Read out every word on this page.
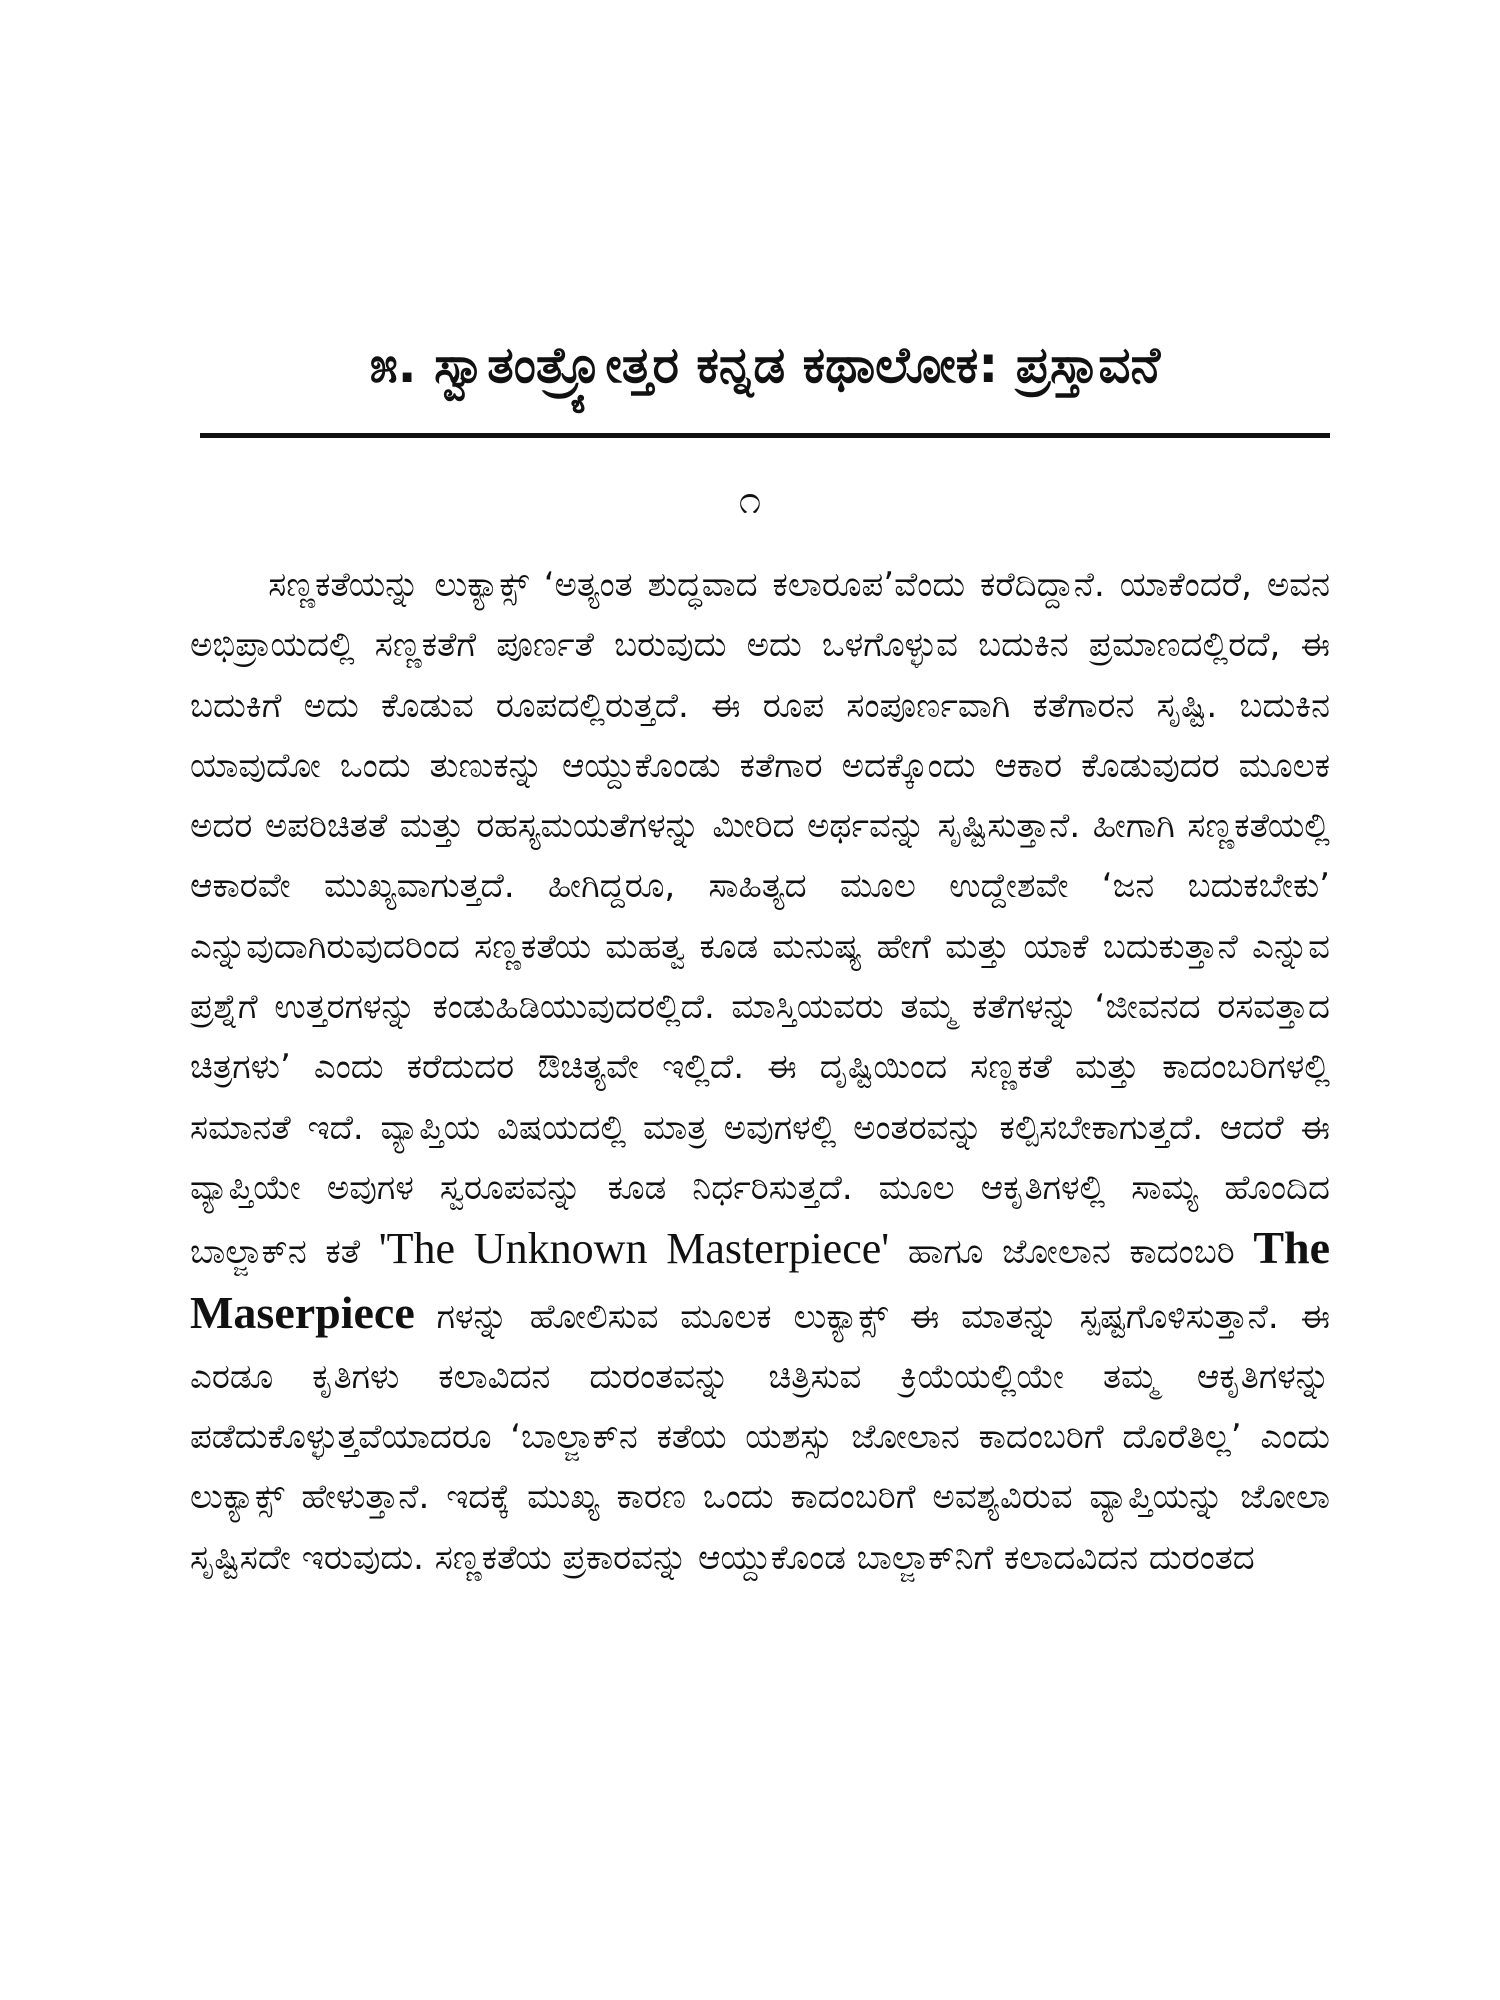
೫. ಸ್ವಾತಂತ್ರ್ಯೋತ್ತರ ಕನ್ನಡ ಕಥಾಲೋಕ: ಪ್ರಸ್ತಾವನೆ
೧

ಸಣ್ಣಕತೆಯನ್ನು ಲುಕ್ಯಾಕ್ಸ್ ‘ಅತ್ಯಂತ ಶುದ್ಧವಾದ ಕಲಾರೂಪ’ವೆಂದು ಕರೆದಿದ್ದಾನೆ. ಯಾಕೆಂದರೆ, ಅವನ ಅಭಿಪ್ರಾಯದಲ್ಲಿ ಸಣ್ಣಕತೆಗೆ ಪೂರ್ಣತೆ ಬರುವುದು ಅದು ಒಳಗೊಳ್ಳುವ ಬದುಕಿನ ಪ್ರಮಾಣದಲ್ಲಿರದೆ, ಈ ಬದುಕಿಗೆ ಅದು ಕೊಡುವ ರೂಪದಲ್ಲಿರುತ್ತದೆ. ಈ ರೂಪ ಸಂಪೂರ್ಣವಾಗಿ ಕತೆಗಾರನ ಸೃಷ್ಟಿ. ಬದುಕಿನ ಯಾವುದೋ ಒಂದು ತುಣುಕನ್ನು ಆಯ್ದುಕೊಂಡು ಕತೆಗಾರ ಅದಕ್ಕೊಂದು ಆಕಾರ ಕೊಡುವುದರ ಮೂಲಕ ಅದರ ಅಪರಿಚಿತತೆ ಮತ್ತು ರಹಸ್ಯಮಯತೆಗಳನ್ನು ಮೀರಿದ ಅರ್ಥವನ್ನು ಸೃಷ್ಟಿಸುತ್ತಾನೆ. ಹೀಗಾಗಿ ಸಣ್ಣಕತೆಯಲ್ಲಿ ಆಕಾರವೇ ಮುಖ್ಯವಾಗುತ್ತದೆ. ಹೀಗಿದ್ದರೂ, ಸಾಹಿತ್ಯದ ಮೂಲ ಉದ್ದೇಶವೇ ‘ಜನ ಬದುಕಬೇಕು’ ಎನ್ನುವುದಾಗಿರುವುದರಿಂದ ಸಣ್ಣಕತೆಯ ಮಹತ್ವ ಕೂಡ ಮನುಷ್ಯ ಹೇಗೆ ಮತ್ತು ಯಾಕೆ ಬದುಕುತ್ತಾನೆ ಎನ್ನುವ ಪ್ರಶ್ನೆಗೆ ಉತ್ತರಗಳನ್ನು ಕಂಡುಹಿಡಿಯುವುದರಲ್ಲಿದೆ. ಮಾಸ್ತಿಯವರು ತಮ್ಮ ಕತೆಗಳನ್ನು ‘ಜೀವನದ ರಸವತ್ತಾದ ಚಿತ್ರಗಳು’ ಎಂದು ಕರೆದುದರ ಔಚಿತ್ಯವೇ ಇಲ್ಲಿದೆ. ಈ ದೃಷ್ಟಿಯಿಂದ ಸಣ್ಣಕತೆ ಮತ್ತು ಕಾದಂಬರಿಗಳಲ್ಲಿ ಸಮಾನತೆ ಇದೆ. ವ್ಯಾಪ್ತಿಯ ವಿಷಯದಲ್ಲಿ ಮಾತ್ರ ಅವುಗಳಲ್ಲಿ ಅಂತರವನ್ನು ಕಲ್ಪಿಸಬೇಕಾಗುತ್ತದೆ. ಆದರೆ ಈ ವ್ಯಾಪ್ತಿಯೇ ಅವುಗಳ ಸ್ವರೂಪವನ್ನು ಕೂಡ ನಿರ್ಧರಿಸುತ್ತದೆ. ಮೂಲ ಆಕೃತಿಗಳಲ್ಲಿ ಸಾಮ್ಯ ಹೊಂದಿದ ಬಾಲ್ಜಾಕ್‌ನ ಕತೆ 'The Unknown Masterpiece' ಹಾಗೂ ಜೋಲಾನ ಕಾದಂಬರಿ The Maserpiece ಗಳನ್ನು ಹೋಲಿಸುವ ಮೂಲಕ ಲುಕ್ಯಾಕ್ಸ್ ಈ ಮಾತನ್ನು ಸ್ಪಷ್ಟಗೊಳಿಸುತ್ತಾನೆ. ಈ ಎರಡೂ ಕೃತಿಗಳು ಕಲಾವಿದನ ದುರಂತವನ್ನು ಚಿತ್ರಿಸುವ ಕ್ರಿಯೆಯಲ್ಲಿಯೇ ತಮ್ಮ ಆಕೃತಿಗಳನ್ನು ಪಡೆದುಕೊಳ್ಳುತ್ತವೆಯಾದರೂ ‘ಬಾಲ್ಜಾಕ್‌ನ ಕತೆಯ ಯಶಸ್ಸು ಜೋಲಾನ ಕಾದಂಬರಿಗೆ ದೊರೆತಿಲ್ಲ’ ಎಂದು ಲುಕ್ಯಾಕ್ಸ್ ಹೇಳುತ್ತಾನೆ. ಇದಕ್ಕೆ ಮುಖ್ಯ ಕಾರಣ ಒಂದು ಕಾದಂಬರಿಗೆ ಅವಶ್ಯವಿರುವ ವ್ಯಾಪ್ತಿಯನ್ನು ಜೋಲಾ ಸೃಷ್ಟಿಸದೇ ಇರುವುದು. ಸಣ್ಣಕತೆಯ ಪ್ರಕಾರವನ್ನು ಆಯ್ದುಕೊಂಡ ಬಾಲ್ಜಾಕ್‌ನಿಗೆ ಕಲಾದವಿದನ ದುರಂತದ
